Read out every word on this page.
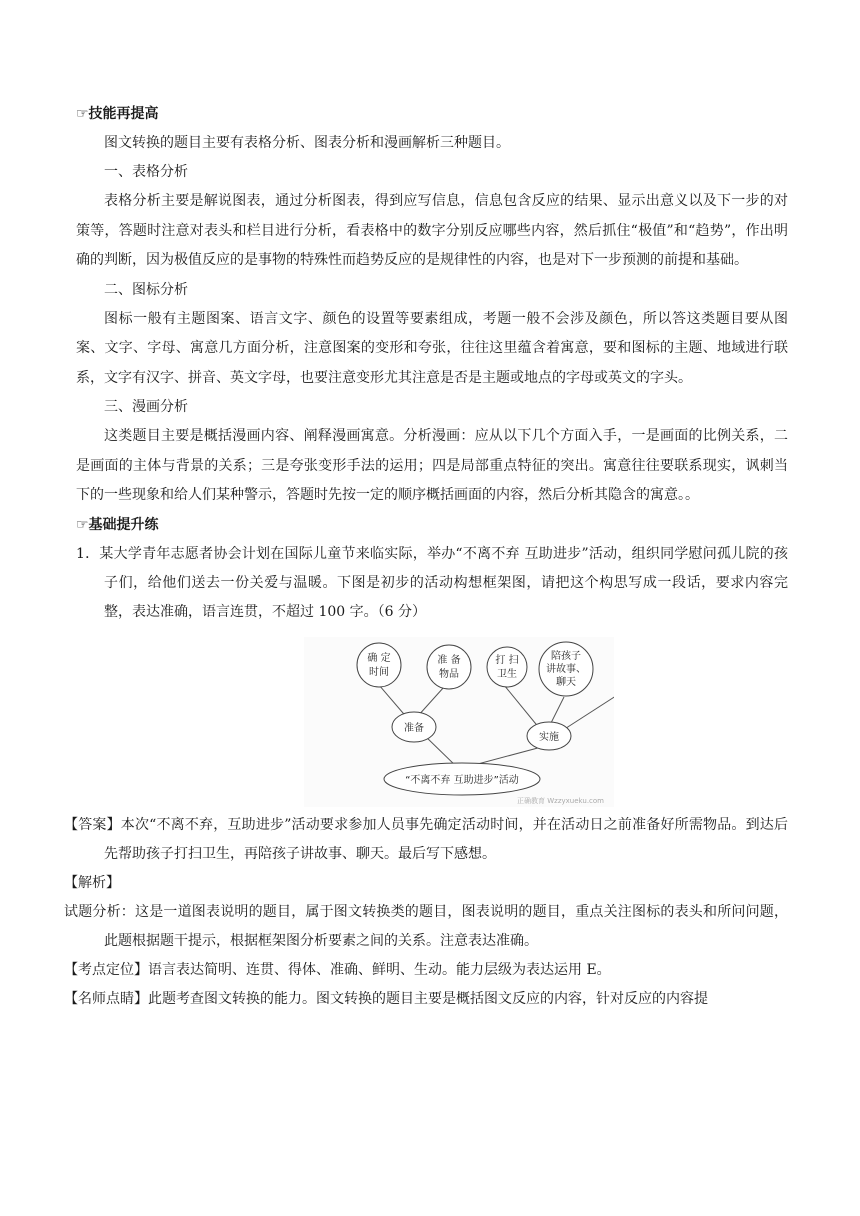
☞技能再提高

图文转换的题目主要有表格分析、图表分析和漫画解析三种题目。

一、表格分析

表格分析主要是解说图表，通过分析图表，得到应写信息，信息包含反应的结果、显示出意义以及下一步的对策等，答题时注意对表头和栏目进行分析，看表格中的数字分别反应哪些内容，然后抓住“极值”和“趋势”，作出明确的判断，因为极值反应的是事物的特殊性而趋势反应的是规律性的内容，也是对下一步预测的前提和基础。

二、图标分析

图标一般有主题图案、语言文字、颜色的设置等要素组成，考题一般不会涉及颜色，所以答这类题目要从图案、文字、字母、寓意几方面分析，注意图案的变形和夸张，往往这里蕴含着寓意，要和图标的主题、地域进行联系，文字有汉字、拼音、英文字母，也要注意变形尤其注意是否是主题或地点的字母或英文的字头。

三、漫画分析

这类题目主要是概括漫画内容、阐释漫画寓意。分析漫画：应从以下几个方面入手，一是画面的比例关系，二是画面的主体与背景的关系；三是夸张变形手法的运用；四是局部重点特征的突出。寓意往往要联系现实，讽刺当下的一些现象和给人们某种警示，答题时先按一定的顺序概括画面的内容，然后分析其隐含的寓意。。

☞基础提升练

1．某大学青年志愿者协会计划在国际儿童节来临实际，举办“不离不弃 互助进步”活动，组织同学慰问孤儿院的孩子们，给他们送去一份关爱与温暖。下图是初步的活动构想框架图，请把这个构思写成一段话，要求内容完整，表达准确，语言连贯，不超过 100 字。（6 分）

“不离不弃 互助进步”活动
准备
实施
确 定
时间
准 备
物品
打 扫
卫生
陪孩子
讲故事、
聊天
正确教育 Wzzyxueku.com

【答案】本次“不离不弃，互助进步”活动要求参加人员事先确定活动时间，并在活动日之前准备好所需物品。到达后先帮助孩子打扫卫生，再陪孩子讲故事、聊天。最后写下感想。

【解析】

试题分析：这是一道图表说明的题目，属于图文转换类的题目，图表说明的题目，重点关注图标的表头和所问问题，此题根据题干提示，根据框架图分析要素之间的关系。注意表达准确。

【考点定位】语言表达简明、连贯、得体、准确、鲜明、生动。能力层级为表达运用 E。

【名师点睛】此题考查图文转换的能力。图文转换的题目主要是概括图文反应的内容，针对反应的内容提
